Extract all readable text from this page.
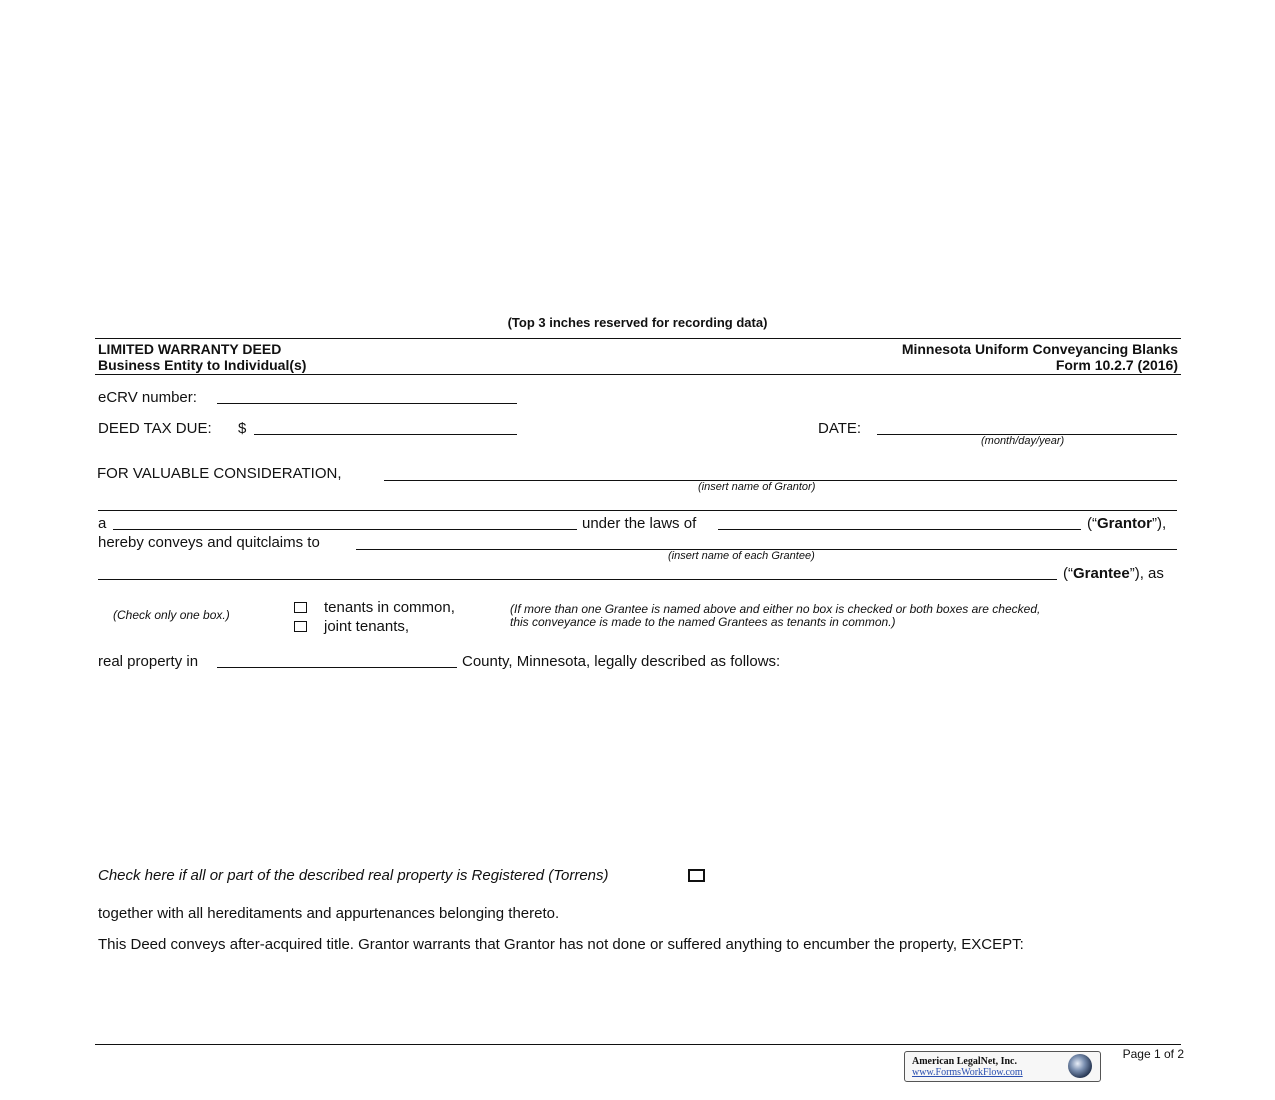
(Top 3 inches reserved for recording data)
LIMITED WARRANTY DEED
Business Entity to Individual(s)
Minnesota Uniform Conveyancing Blanks
Form 10.2.7 (2016)
eCRV number:
DEED TAX DUE: $	DATE:
(month/day/year)
FOR VALUABLE CONSIDERATION,
(insert name of Grantor)
a	under the laws of	(“Grantor”),
hereby conveys and quitclaims to
(insert name of each Grantee)
(“Grantee”), as
(Check only one box.)	tenants in common,
joint tenants,
(If more than one Grantee is named above and either no box is checked or both boxes are checked,
this conveyance is made to the named Grantees as tenants in common.)
real property in	County, Minnesota, legally described as follows:
Check here if all or part of the described real property is Registered (Torrens)
together with all hereditaments and appurtenances belonging thereto.
This Deed conveys after-acquired title. Grantor warrants that Grantor has not done or suffered anything to encumber the property, EXCEPT:
American LegalNet, Inc.
www.FormsWorkFlow.com
Page 1 of 2
